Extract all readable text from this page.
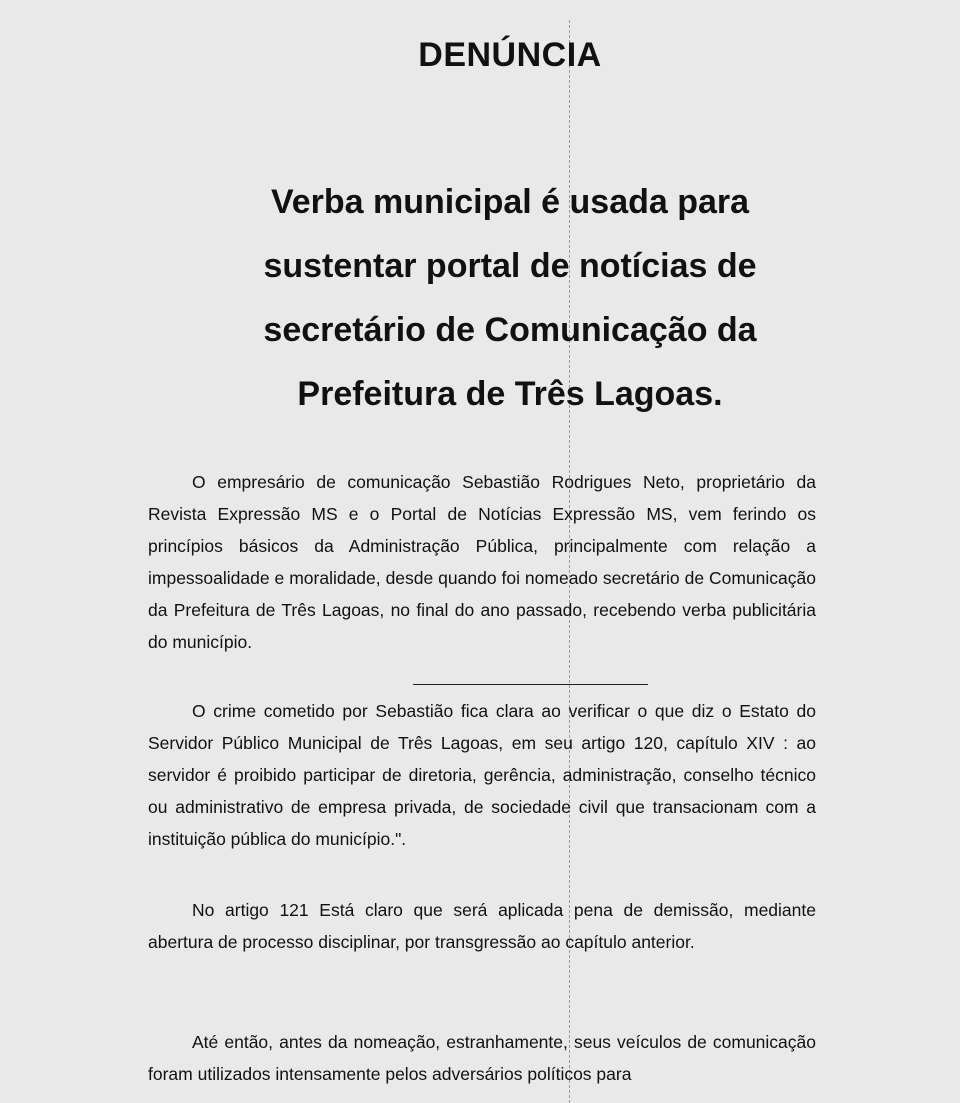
DENÚNCIA
Verba municipal é usada para sustentar portal de notícias de secretário de Comunicação da Prefeitura de Três Lagoas.

O empresário de comunicação Sebastião Rodrigues Neto, proprietário da Revista Expressão MS e o Portal de Notícias Expressão MS, vem ferindo os princípios básicos da Administração Pública, principalmente com relação a impessoalidade e moralidade, desde quando foi nomeado secretário de Comunicação da Prefeitura de Três Lagoas, no final do ano passado, recebendo verba publicitária do município.

O crime cometido por Sebastião fica clara ao verificar o que diz o Estato do Servidor Público Municipal de Três Lagoas, em seu artigo 120, capítulo XIV : ao servidor é proibido participar de diretoria, gerência, administração, conselho técnico ou administrativo de empresa privada, de sociedade civil que transacionam com a instituição pública do município.".

No artigo 121 Está claro que será aplicada pena de demissão, mediante abertura de processo disciplinar, por transgressão ao capítulo anterior.

Até então, antes da nomeação, estranhamente, seus veículos de comunicação foram utilizados intensamente pelos adversários políticos para
